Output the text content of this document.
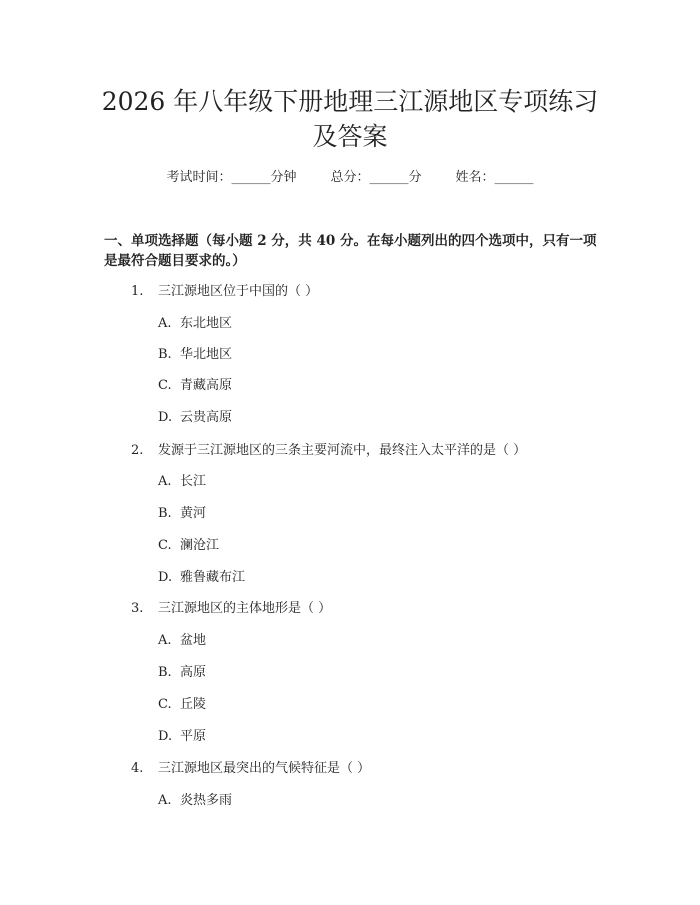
2026 年八年级下册地理三江源地区专项练习
及答案
考试时间：______分钟	总分：______分	姓名：______
一、单项选择题（每小题 2 分，共 40 分。在每小题列出的四个选项中，只有一项
是最符合题目要求的。）
1. 三江源地区位于中国的（ ）
A. 东北地区
B. 华北地区
C. 青藏高原
D. 云贵高原
2. 发源于三江源地区的三条主要河流中，最终注入太平洋的是（ ）
A. 长江
B. 黄河
C. 澜沧江
D. 雅鲁藏布江
3. 三江源地区的主体地形是（ ）
A. 盆地
B. 高原
C. 丘陵
D. 平原
4. 三江源地区最突出的气候特征是（ ）
A. 炎热多雨
